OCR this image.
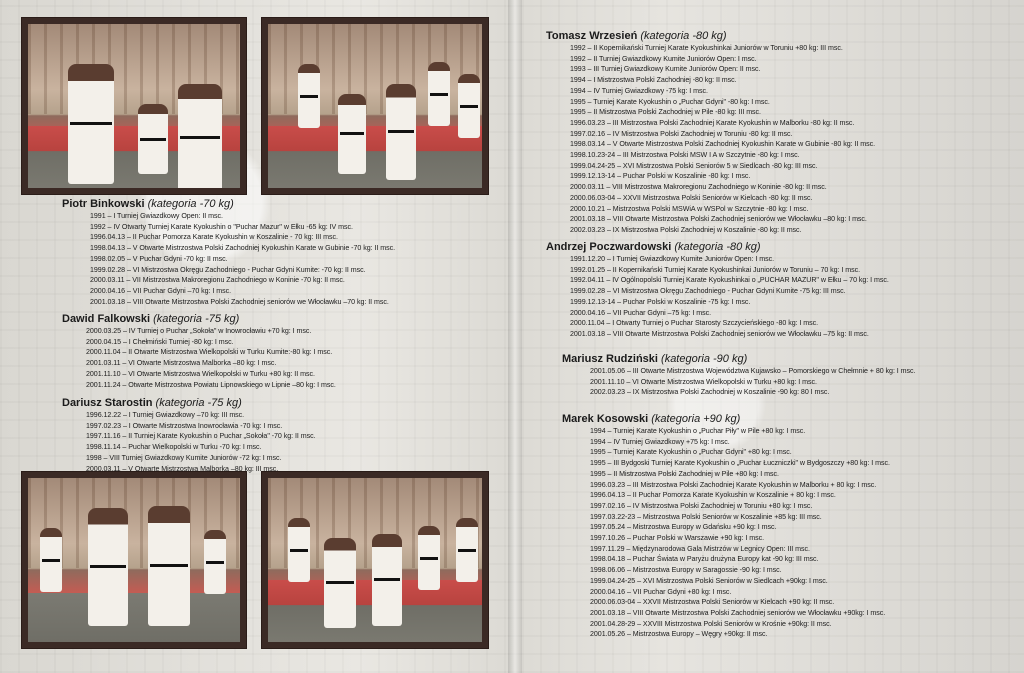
Piotr Binkowski (kategoria -70 kg)
1991 – I Turniej Gwiazdkowy Open: II msc.
1992 – IV Otwarty Turniej Karate Kyokushin o "Puchar Mazur" w Ełku -65 kg: IV msc.
1996.04.13 – II Puchar Pomorza Karate Kyokushin w Koszalinie - 70 kg: III msc.
1998.04.13 – V Otwarte Mistrzostwa Polski Zachodniej Kyokushin Karate w Gubinie -70 kg: II msc.
1998.02.05 – V Puchar Gdyni -70 kg: II msc.
1999.02.28 – VI Mistrzostwa Okręgu Zachodniego - Puchar Gdyni Kumite: -70 kg: II msc.
2000.03.11 – VII Mistrzostwa Makroregionu Zachodniego w Koninie -70 kg: II msc.
2000.04.16 – VII Puchar Gdyni –70 kg: I msc.
2001.03.18 – VIII Otwarte Mistrzostwa Polski Zachodniej seniorów we Włocławku –70 kg: II msc.
Dawid Falkowski (kategoria -75 kg)
2000.03.25 – IV Turniej o Puchar „Sokoła" w Inowrocławiu +70 kg: I msc.
2000.04.15 – I Chełmiński Turniej -80 kg: I msc.
2000.11.04 – II Otwarte Mistrzostwa Wielkopolski w Turku Kumite:-80 kg: I msc.
2001.03.11 – VI Otwarte Mistrzostwa Malborka –80 kg: I msc.
2001.11.10 – VI Otwarte Mistrzostwa Wielkopolski w Turku +80 kg: II msc.
2001.11.24 – Otwarte Mistrzostwa Powiatu Lipnowskiego w Lipnie –80 kg: I msc.
Dariusz Starostin (kategoria -75 kg)
1996.12.22 – I Turniej Gwiazdkowy –70 kg: III msc.
1997.02.23 – I Otwarte Mistrzostwa Inowrocławia -70 kg: I msc.
1997.11.16 – II Turniej Karate Kyokushin o Puchar „Sokoła" -70 kg: II msc.
1998.11.14 – Puchar Wielkopolski w Turku -70 kg: I msc.
1998 – VIII Turniej Gwiazdkowy Kumite Juniorów -72 kg: I msc.
2000.03.11 – V Otwarte Mistrzostwa Malborka –80 kg: III msc.
Tomasz Wrzesień (kategoria -80 kg)
1992 – II Kopernikański Turniej Karate Kyokushinkai Juniorów w Toruniu +80 kg: III msc.
1992 – II Turniej Gwiazdkowy Kumite Juniorów Open: I msc.
1993 – III Turniej Gwiazdkowy Kumite Juniorów Open: II msc.
1994 – I Mistrzostwa Polski Zachodniej -80 kg: II msc.
1994 – IV Turniej Gwiazdkowy -75 kg: I msc.
1995 – Turniej Karate Kyokushin o „Puchar Gdyni" -80 kg: I msc.
1995 – II Mistrzostwa Polski Zachodniej w Pile -80 kg: III msc.
1996.03.23 – III Mistrzostwa Polski Zachodniej Karate Kyokushin w Malborku -80 kg: II msc.
1997.02.16 – IV Mistrzostwa Polski Zachodniej w Toruniu -80 kg: II msc.
1998.03.14 – V Otwarte Mistrzostwa Polski Zachodniej Kyokushin Karate w Gubinie -80 kg: II msc.
1998.10.23-24 – III Mistrzostwa Polski MSW I A w Szczytnie -80 kg: I msc.
1999.04.24-25 – XVI Mistrzostwa Polski Seniorów 5 w Siedlcach -80 kg: III msc.
1999.12.13-14 – Puchar Polski w Koszalinie -80 kg: I msc.
2000.03.11 – VIII Mistrzostwa Makroregionu Zachodniego w Koninie -80 kg: II msc.
2000.06.03-04 – XXVII Mistrzostwa Polski Seniorów w Kielcach -80 kg: II msc.
2000.10.21 – Mistrzostwa Polski MSWiA w WSPol w Szczytnie -80 kg: I msc.
2001.03.18 – VIII Otwarte Mistrzostwa Polski Zachodniej seniorów we Włocławku –80 kg: I msc.
2002.03.23 – IX Mistrzostwa Polski Zachodniej w Koszalinie -80 kg: II msc.
Andrzej Poczwardowski (kategoria -80 kg)
1991.12.20 – I Turniej Gwiazdkowy Kumite Juniorów Open: I msc.
1992.01.25 – II Kopernikański Turniej Karate Kyokushinkai Juniorów w Toruniu – 70 kg: I msc.
1992.04.11 – IV Ogólnopolski Turniej Karate Kyokushinkai o „PUCHAR MAZUR" w Ełku – 70 kg: I msc.
1999.02.28 – VI Mistrzostwa Okręgu Zachodniego - Puchar Gdyni Kumite -75 kg: III msc.
1999.12.13-14 – Puchar Polski w Koszalinie -75 kg: I msc.
2000.04.16 – VII Puchar Gdyni –75 kg: I msc.
2000.11.04 – I Otwarty Turniej o Puchar Starosty Szczycieńskiego -80 kg: I msc.
2001.03.18 – VIII Otwarte Mistrzostwa Polski Zachodniej seniorów we Włocławku –75 kg: II msc.
Mariusz Rudziński (kategoria -90 kg)
2001.05.06 – III Otwarte Mistrzostwa Województwa Kujawsko – Pomorskiego w Chełmnie + 80 kg: I msc.
2001.11.10 – VI Otwarte Mistrzostwa Wielkopolski w Turku +80 kg: I msc.
2002.03.23 – IX Mistrzostwa Polski Zachodniej w Koszalinie -90 kg: 80 I msc.
Marek Kosowski (kategoria +90 kg)
1994 – Turniej Karate Kyokushin o „Puchar Piły" w Pile +80 kg: I msc.
1994 – IV Turniej Gwiazdkowy +75 kg: I msc.
1995 – Turniej Karate Kyokushin o „Puchar Gdyni" +80 kg: I msc.
1995 – III Bydgoski Turniej Karate Kyokushin o „Puchar Łuczniczki" w Bydgoszczy +80 kg: I msc.
1995 – II Mistrzostwa Polski Zachodniej w Pile +80 kg: I msc.
1996.03.23 – III Mistrzostwa Polski Zachodniej Karate Kyokushin w Malborku + 80 kg: I msc.
1996.04.13 – II Puchar Pomorza Karate Kyokushin w Koszalinie + 80 kg: I msc.
1997.02.16 – IV Mistrzostwa Polski Zachodniej w Toruniu +80 kg: I msc.
1997.03.22-23 – Mistrzostwa Polski Seniorów w Koszalinie +85 kg: III msc.
1997.05.24 – Mistrzostwa Europy w Gdańsku +90 kg: I msc.
1997.10.26 – Puchar Polski w Warszawie +90 kg: I msc.
1997.11.29 – Międzynarodowa Gala Mistrzów w Legnicy Open: III msc.
1998.04.18 – Puchar Świata w Paryżu drużyna Europy kat -90 kg: III msc.
1998.06.06 – Mistrzostwa Europy w Saragossie -90 kg: I msc.
1999.04.24-25 – XVI Mistrzostwa Polski Seniorów w Siedlcach +90kg: I msc.
2000.04.16 – VII Puchar Gdyni +80 kg: I msc.
2000.06.03-04 – XXVII Mistrzostwa Polski Seniorów w Kielcach +90 kg: II msc.
2001.03.18 – VIII Otwarte Mistrzostwa Polski Zachodniej seniorów we Włocławku +90kg: I msc.
2001.04.28-29 – XXVIII Mistrzostwa Polski Seniorów w Krośnie +90kg: II msc.
2001.05.26 – Mistrzostwa Europy – Węgry +90kg: II msc.
